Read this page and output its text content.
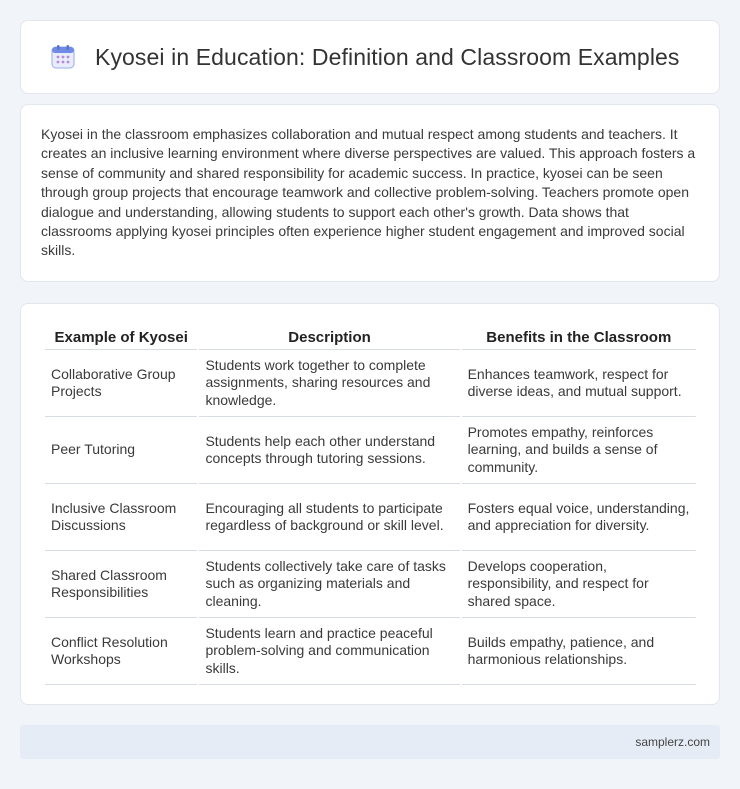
Kyosei in Education: Definition and Classroom Examples

Kyosei in the classroom emphasizes collaboration and mutual respect among students and teachers. It creates an inclusive learning environment where diverse perspectives are valued. This approach fosters a sense of community and shared responsibility for academic success. In practice, kyosei can be seen through group projects that encourage teamwork and collective problem-solving. Teachers promote open dialogue and understanding, allowing students to support each other's growth. Data shows that classrooms applying kyosei principles often experience higher student engagement and improved social skills.

Example of Kyosei	Description	Benefits in the Classroom
Collaborative Group Projects	Students work together to complete assignments, sharing resources and knowledge.	Enhances teamwork, respect for diverse ideas, and mutual support.
Peer Tutoring	Students help each other understand concepts through tutoring sessions.	Promotes empathy, reinforces learning, and builds a sense of community.
Inclusive Classroom Discussions	Encouraging all students to participate regardless of background or skill level.	Fosters equal voice, understanding, and appreciation for diversity.
Shared Classroom Responsibilities	Students collectively take care of tasks such as organizing materials and cleaning.	Develops cooperation, responsibility, and respect for shared space.
Conflict Resolution Workshops	Students learn and practice peaceful problem-solving and communication skills.	Builds empathy, patience, and harmonious relationships.
samplerz.com
